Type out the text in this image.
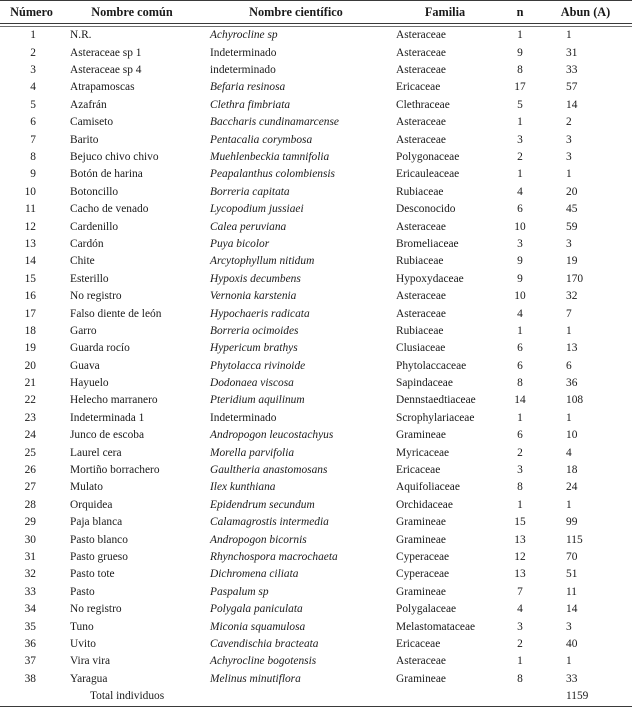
Número	Nombre común	Nombre científico	Familia	n	Abun (A)

1	N.R.	Achyrocline sp	Asteraceae	1	1
2	Asteraceae sp 1	Indeterminado	Asteraceae	9	31
3	Asteraceae sp 4	indeterminado	Asteraceae	8	33
4	Atrapamoscas	Befaria resinosa	Ericaceae	17	57
5	Azafrán	Clethra fimbriata	Clethraceae	5	14
6	Camiseto	Baccharis cundinamarcense	Asteraceae	1	2
7	Barito	Pentacalia corymbosa	Asteraceae	3	3
8	Bejuco chivo chivo	Muehlenbeckia tamnifolia	Polygonaceae	2	3
9	Botón de harina	Peapalanthus colombiensis	Ericauleaceae	1	1
10	Botoncillo	Borreria capitata	Rubiaceae	4	20
11	Cacho de venado	Lycopodium jussiaei	Desconocido	6	45
12	Cardenillo	Calea peruviana	Asteraceae	10	59
13	Cardón	Puya bicolor	Bromeliaceae	3	3
14	Chite	Arcytophyllum nitidum	Rubiaceae	9	19
15	Esterillo	Hypoxis decumbens	Hypoxydaceae	9	170
16	No registro	Vernonia karstenia	Asteraceae	10	32
17	Falso diente de león	Hypochaeris radicata	Asteraceae	4	7
18	Garro	Borreria ocimoides	Rubiaceae	1	1
19	Guarda rocío	Hypericum brathys	Clusiaceae	6	13
20	Guava	Phytolacca rivinoide	Phytolaccaceae	6	6
21	Hayuelo	Dodonaea viscosa	Sapindaceae	8	36
22	Helecho marranero	Pteridium aquilinum	Dennstaedtiaceae	14	108
23	Indeterminada 1	Indeterminado	Scrophylariaceae	1	1
24	Junco de escoba	Andropogon leucostachyus	Gramineae	6	10
25	Laurel cera	Morella parvifolia	Myricaceae	2	4
26	Mortiño borrachero	Gaultheria anastomosans	Ericaceae	3	18
27	Mulato	Ilex kunthiana	Aquifoliaceae	8	24
28	Orquidea	Epidendrum secundum	Orchidaceae	1	1
29	Paja blanca	Calamagrostis intermedia	Gramineae	15	99
30	Pasto blanco	Andropogon bicornis	Gramineae	13	115
31	Pasto grueso	Rhynchospora macrochaeta	Cyperaceae	12	70
32	Pasto tote	Dichromena ciliata	Cyperaceae	13	51
33	Pasto	Paspalum sp	Gramineae	7	11
34	No registro	Polygala paniculata	Polygalaceae	4	14
35	Tuno	Miconia squamulosa	Melastomataceae	3	3
36	Uvito	Cavendischia bracteata	Ericaceae	2	40
37	Vira vira	Achyrocline bogotensis	Asteraceae	1	1
38	Yaragua	Melinus minutiflora	Gramineae	8	33
	Total individuos				1159
